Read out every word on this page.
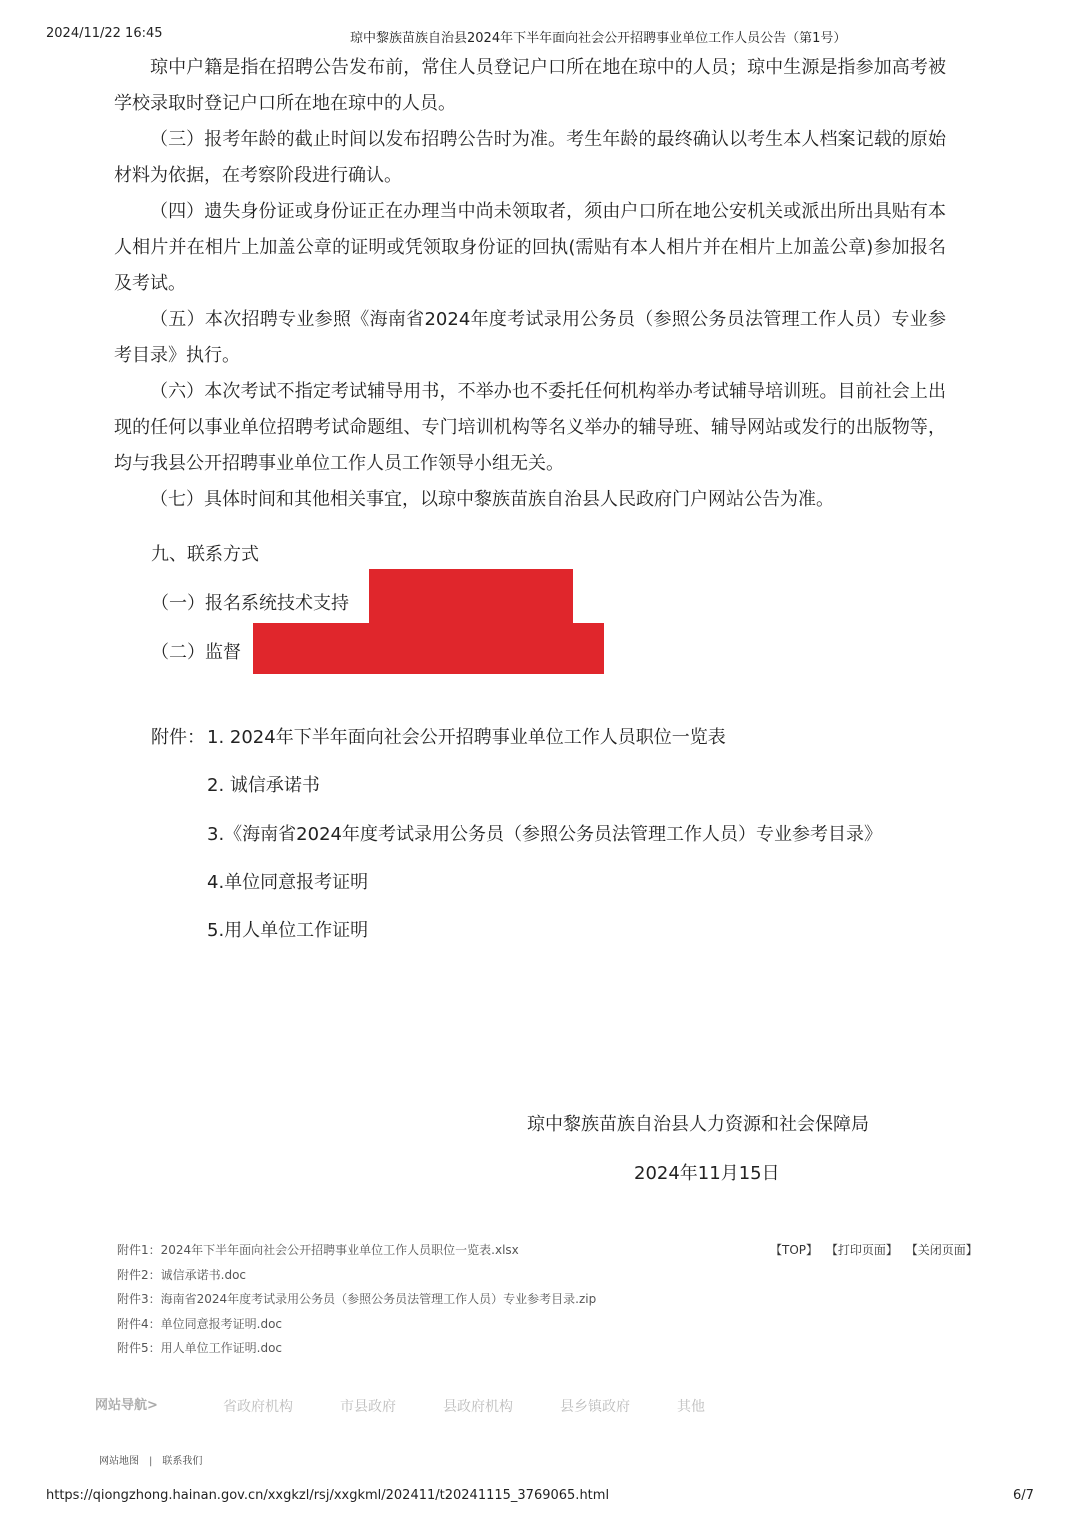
2024/11/22 16:45	琼中黎族苗族自治县2024年下半年面向社会公开招聘事业单位工作人员公告（第1号）

琼中户籍是指在招聘公告发布前，常住人员登记户口所在地在琼中的人员；琼中生源是指参加高考被学校录取时登记户口所在地在琼中的人员。

（三）报考年龄的截止时间以发布招聘公告时为准。考生年龄的最终确认以考生本人档案记载的原始材料为依据，在考察阶段进行确认。

（四）遗失身份证或身份证正在办理当中尚未领取者，须由户口所在地公安机关或派出所出具贴有本人相片并在相片上加盖公章的证明或凭领取身份证的回执(需贴有本人相片并在相片上加盖公章)参加报名及考试。

（五）本次招聘专业参照《海南省2024年度考试录用公务员（参照公务员法管理工作人员）专业参考目录》执行。

（六）本次考试不指定考试辅导用书，不举办也不委托任何机构举办考试辅导培训班。目前社会上出现的任何以事业单位招聘考试命题组、专门培训机构等名义举办的辅导班、辅导网站或发行的出版物等，均与我县公开招聘事业单位工作人员工作领导小组无关。

（七）具体时间和其他相关事宜，以琼中黎族苗族自治县人民政府门户网站公告为准。

九、联系方式
（一）报名系统技术支持
（二）监督
附件： 1. 2024年下半年面向社会公开招聘事业单位工作人员职位一览表
2. 诚信承诺书
3.《海南省2024年度考试录用公务员（参照公务员法管理工作人员）专业参考目录》
4.单位同意报考证明
5.用人单位工作证明
琼中黎族苗族自治县人力资源和社会保障局
2024年11月15日
附件1：2024年下半年面向社会公开招聘事业单位工作人员职位一览表.xlsx
附件2：诚信承诺书.doc
附件3：海南省2024年度考试录用公务员（参照公务员法管理工作人员）专业参考目录.zip
附件4：单位同意报考证明.doc
附件5：用人单位工作证明.doc
【TOP】 【打印页面】 【关闭页面】
网站导航>	省政府机构	市县政府	县政府机构	县乡镇政府	其他
网站地图 | 联系我们
https://qiongzhong.hainan.gov.cn/xxgkzl/rsj/xxgkml/202411/t20241115_3769065.html	6/7
